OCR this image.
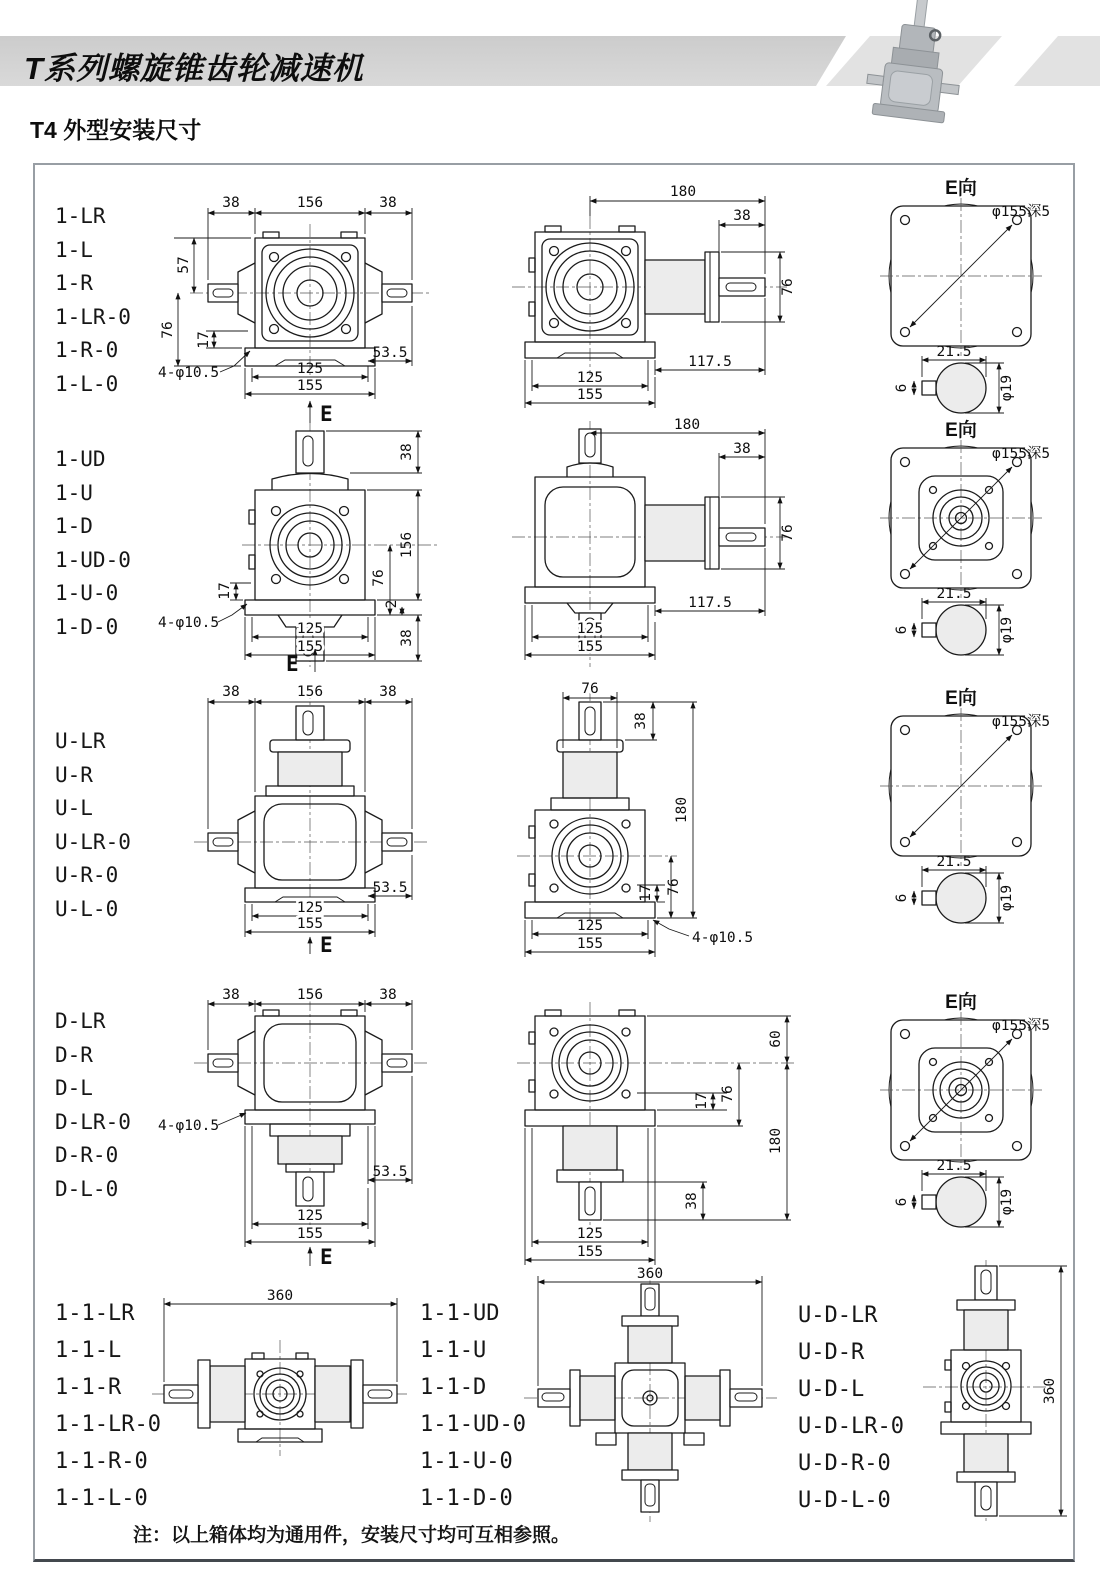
T系列螺旋锥齿轮减速机
T4 外型安装尺寸
1-LR
1-L
1-R
1-LR-0
1-R-0
1-L-0
38	156	38
57
76
17
53.5
125
155
4-φ10.5
E
180
38
76
117.5
125
155
E向
φ155深5
21.5
6	φ19
1-UD
1-U
1-D
1-UD-0
1-U-0
1-D-0
38
156
38
76
2
17
125
155
4-φ10.5
E
180
38
76
117.5
125
155
E向
φ155深5
21.5
6	φ19
U-LR
U-R
U-L
U-LR-0
U-R-0
U-L-0
38	156	38
53.5
125
155
E
76
38
180
17 76
4-φ10.5
125
155
E向
φ155深5
21.5
6	φ19
D-LR
D-R
D-L
D-LR-0
D-R-0
D-L-0
38	156	38
4-φ10.5
53.5
125
155
E
60
180
17 76
38
125
155
E向
φ155深5
21.5
6	φ19
1-1-LR
1-1-L
1-1-R
1-1-LR-0
1-1-R-0
1-1-L-0
360
1-1-UD
1-1-U
1-1-D
1-1-UD-0
1-1-U-0
1-1-D-0
360
U-D-LR
U-D-R
U-D-L
U-D-LR-0
U-D-R-0
U-D-L-0
360
注：以上箱体均为通用件，安装尺寸均可互相参照。
